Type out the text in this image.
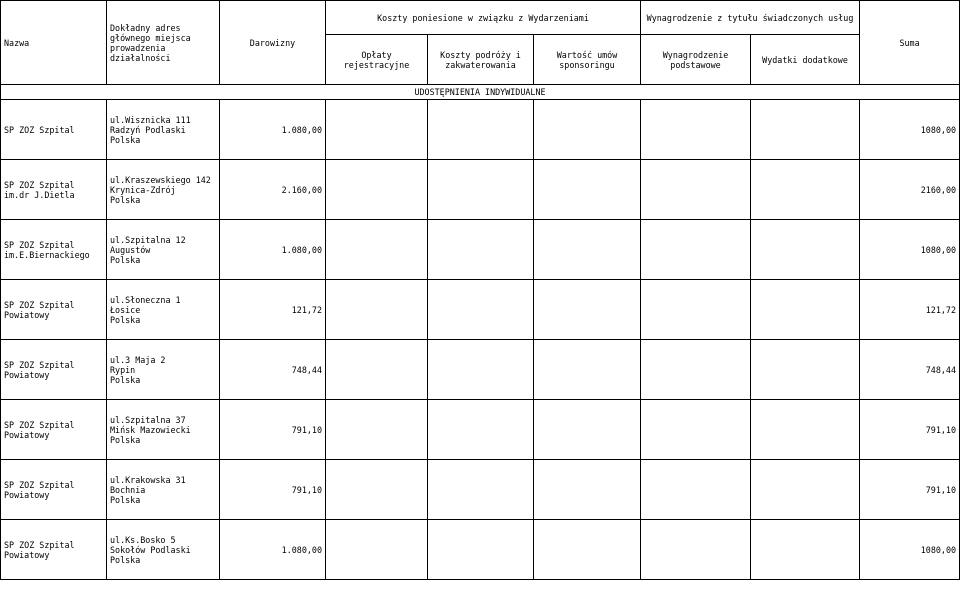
Nazwa	Dokładny adres głównego miejsca prowadzenia działalności	Darowizny	Koszty poniesione w związku z Wydarzeniami			Wynagrodzenie z tytułu świadczonych usług		Suma
			Opłaty rejestracyjne	Koszty podróży i zakwaterowania	Wartość umów sponsoringu	Wynagrodzenie podstawowe	Wydatki dodatkowe	
UDOSTĘPNIENIA INDYWIDUALNE								
SP ZOZ Szpital	ul.Wisznicka 111
Radzyń Podlaski
Polska	1.080,00						1080,00
SP ZOZ Szpital im.dr J.Dietla	ul.Kraszewskiego 142
Krynica-Zdrój
Polska	2.160,00						2160,00
SP ZOZ Szpital im.E.Biernackiego	ul.Szpitalna 12
Augustów
Polska	1.080,00						1080,00
SP ZOZ Szpital Powiatowy	ul.Słoneczna 1
Łosice
Polska	121,72						121,72
SP ZOZ Szpital Powiatowy	ul.3 Maja 2
Rypin
Polska	748,44						748,44
SP ZOZ Szpital Powiatowy	ul.Szpitalna 37
Mińsk Mazowiecki
Polska	791,10						791,10
SP ZOZ Szpital Powiatowy	ul.Krakowska 31
Bochnia
Polska	791,10						791,10
SP ZOZ Szpital Powiatowy	ul.Ks.Bosko 5
Sokołów Podlaski
Polska	1.080,00						1080,00
